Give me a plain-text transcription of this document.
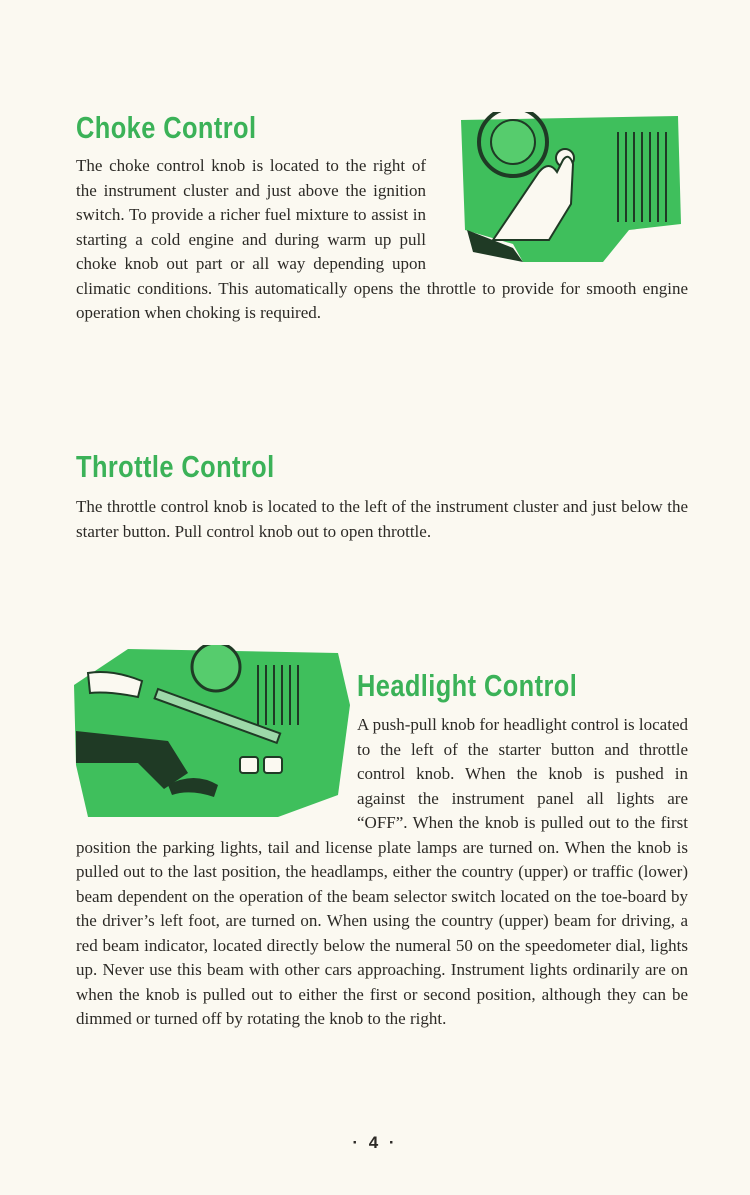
Choke Control

The choke control knob is located to the right of the instrument cluster and just above the ignition switch. To provide a richer fuel mixture to assist in starting a cold engine and during warm up pull choke knob out part or all way depending upon climatic conditions. This automatically opens the throttle to provide for smooth engine operation when choking is required.

Throttle Control

The throttle control knob is located to the left of the instrument cluster and just below the starter button. Pull control knob out to open throttle.

Headlight Control

A push-pull knob for headlight control is located to the left of the starter button and throttle control knob. When the knob is pushed in against the instrument panel all lights are “OFF”. When the knob is pulled out to the first position the parking lights, tail and license plate lamps are turned on. When the knob is pulled out to the last position, the headlamps, either the country (upper) or traffic (lower) beam dependent on the operation of the beam selector switch located on the toe-board by the driver’s left foot, are turned on. When using the country (upper) beam for driving, a red beam indicator, located directly below the numeral 50 on the speedometer dial, lights up. Never use this beam with other cars approaching. Instrument lights ordinarily are on when the knob is pulled out to either the first or second position, although they can be dimmed or turned off by rotating the knob to the right.

· 4 ·
